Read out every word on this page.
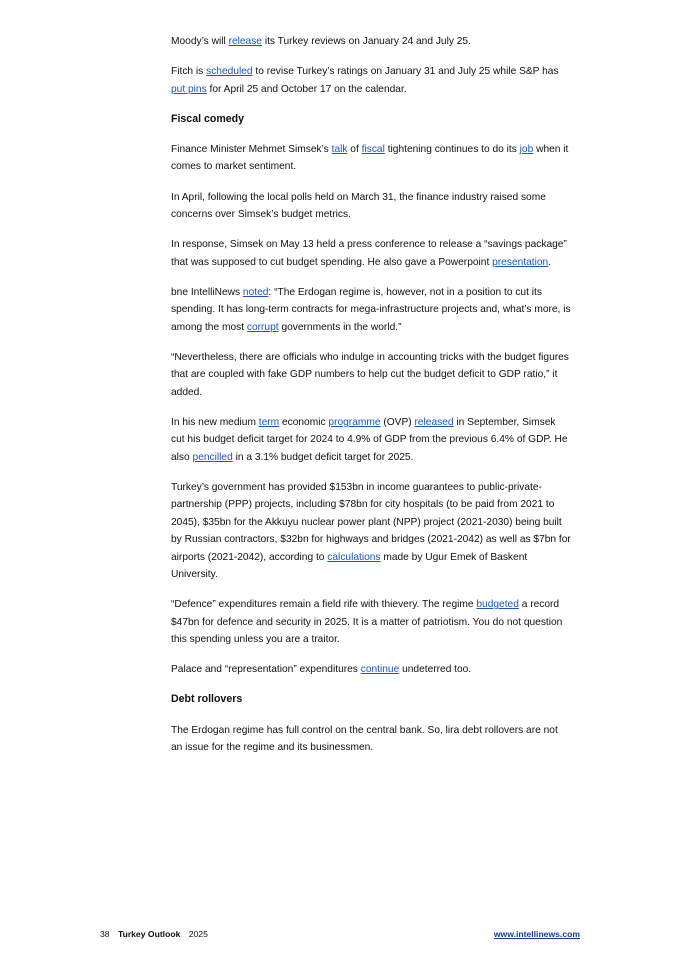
Moody’s will release its Turkey reviews on January 24 and July 25.

Fitch is scheduled to revise Turkey’s ratings on January 31 and July 25 while S&P has put pins for April 25 and October 17 on the calendar.

Fiscal comedy

Finance Minister Mehmet Simsek’s talk of fiscal tightening continues to do its job when it comes to market sentiment.

In April, following the local polls held on March 31, the finance industry raised some concerns over Simsek’s budget metrics.

In response, Simsek on May 13 held a press conference to release a “savings package” that was supposed to cut budget spending. He also gave a Powerpoint presentation.

bne IntelliNews noted: “The Erdogan regime is, however, not in a position to cut its spending. It has long-term contracts for mega-infrastructure projects and, what’s more, is among the most corrupt governments in the world.”

“Nevertheless, there are officials who indulge in accounting tricks with the budget figures that are coupled with fake GDP numbers to help cut the budget deficit to GDP ratio,” it added.

In his new medium term economic programme (OVP) released in September, Simsek cut his budget deficit target for 2024 to 4.9% of GDP from the previous 6.4% of GDP. He also pencilled in a 3.1% budget deficit target for 2025.

Turkey’s government has provided $153bn in income guarantees to public-private-partnership (PPP) projects, including $78bn for city hospitals (to be paid from 2021 to 2045), $35bn for the Akkuyu nuclear power plant (NPP) project (2021-2030) being built by Russian contractors, $32bn for highways and bridges (2021-2042) as well as $7bn for airports (2021-2042), according to calculations made by Ugur Emek of Baskent University.

“Defence” expenditures remain a field rife with thievery. The regime budgeted a record $47bn for defence and security in 2025. It is a matter of patriotism. You do not question this spending unless you are a traitor.

Palace and “representation” expenditures continue undeterred too.

Debt rollovers

The Erdogan regime has full control on the central bank. So, lira debt rollovers are not an issue for the regime and its businessmen.

38 Turkey Outlook 2025	www.intellinews.com
